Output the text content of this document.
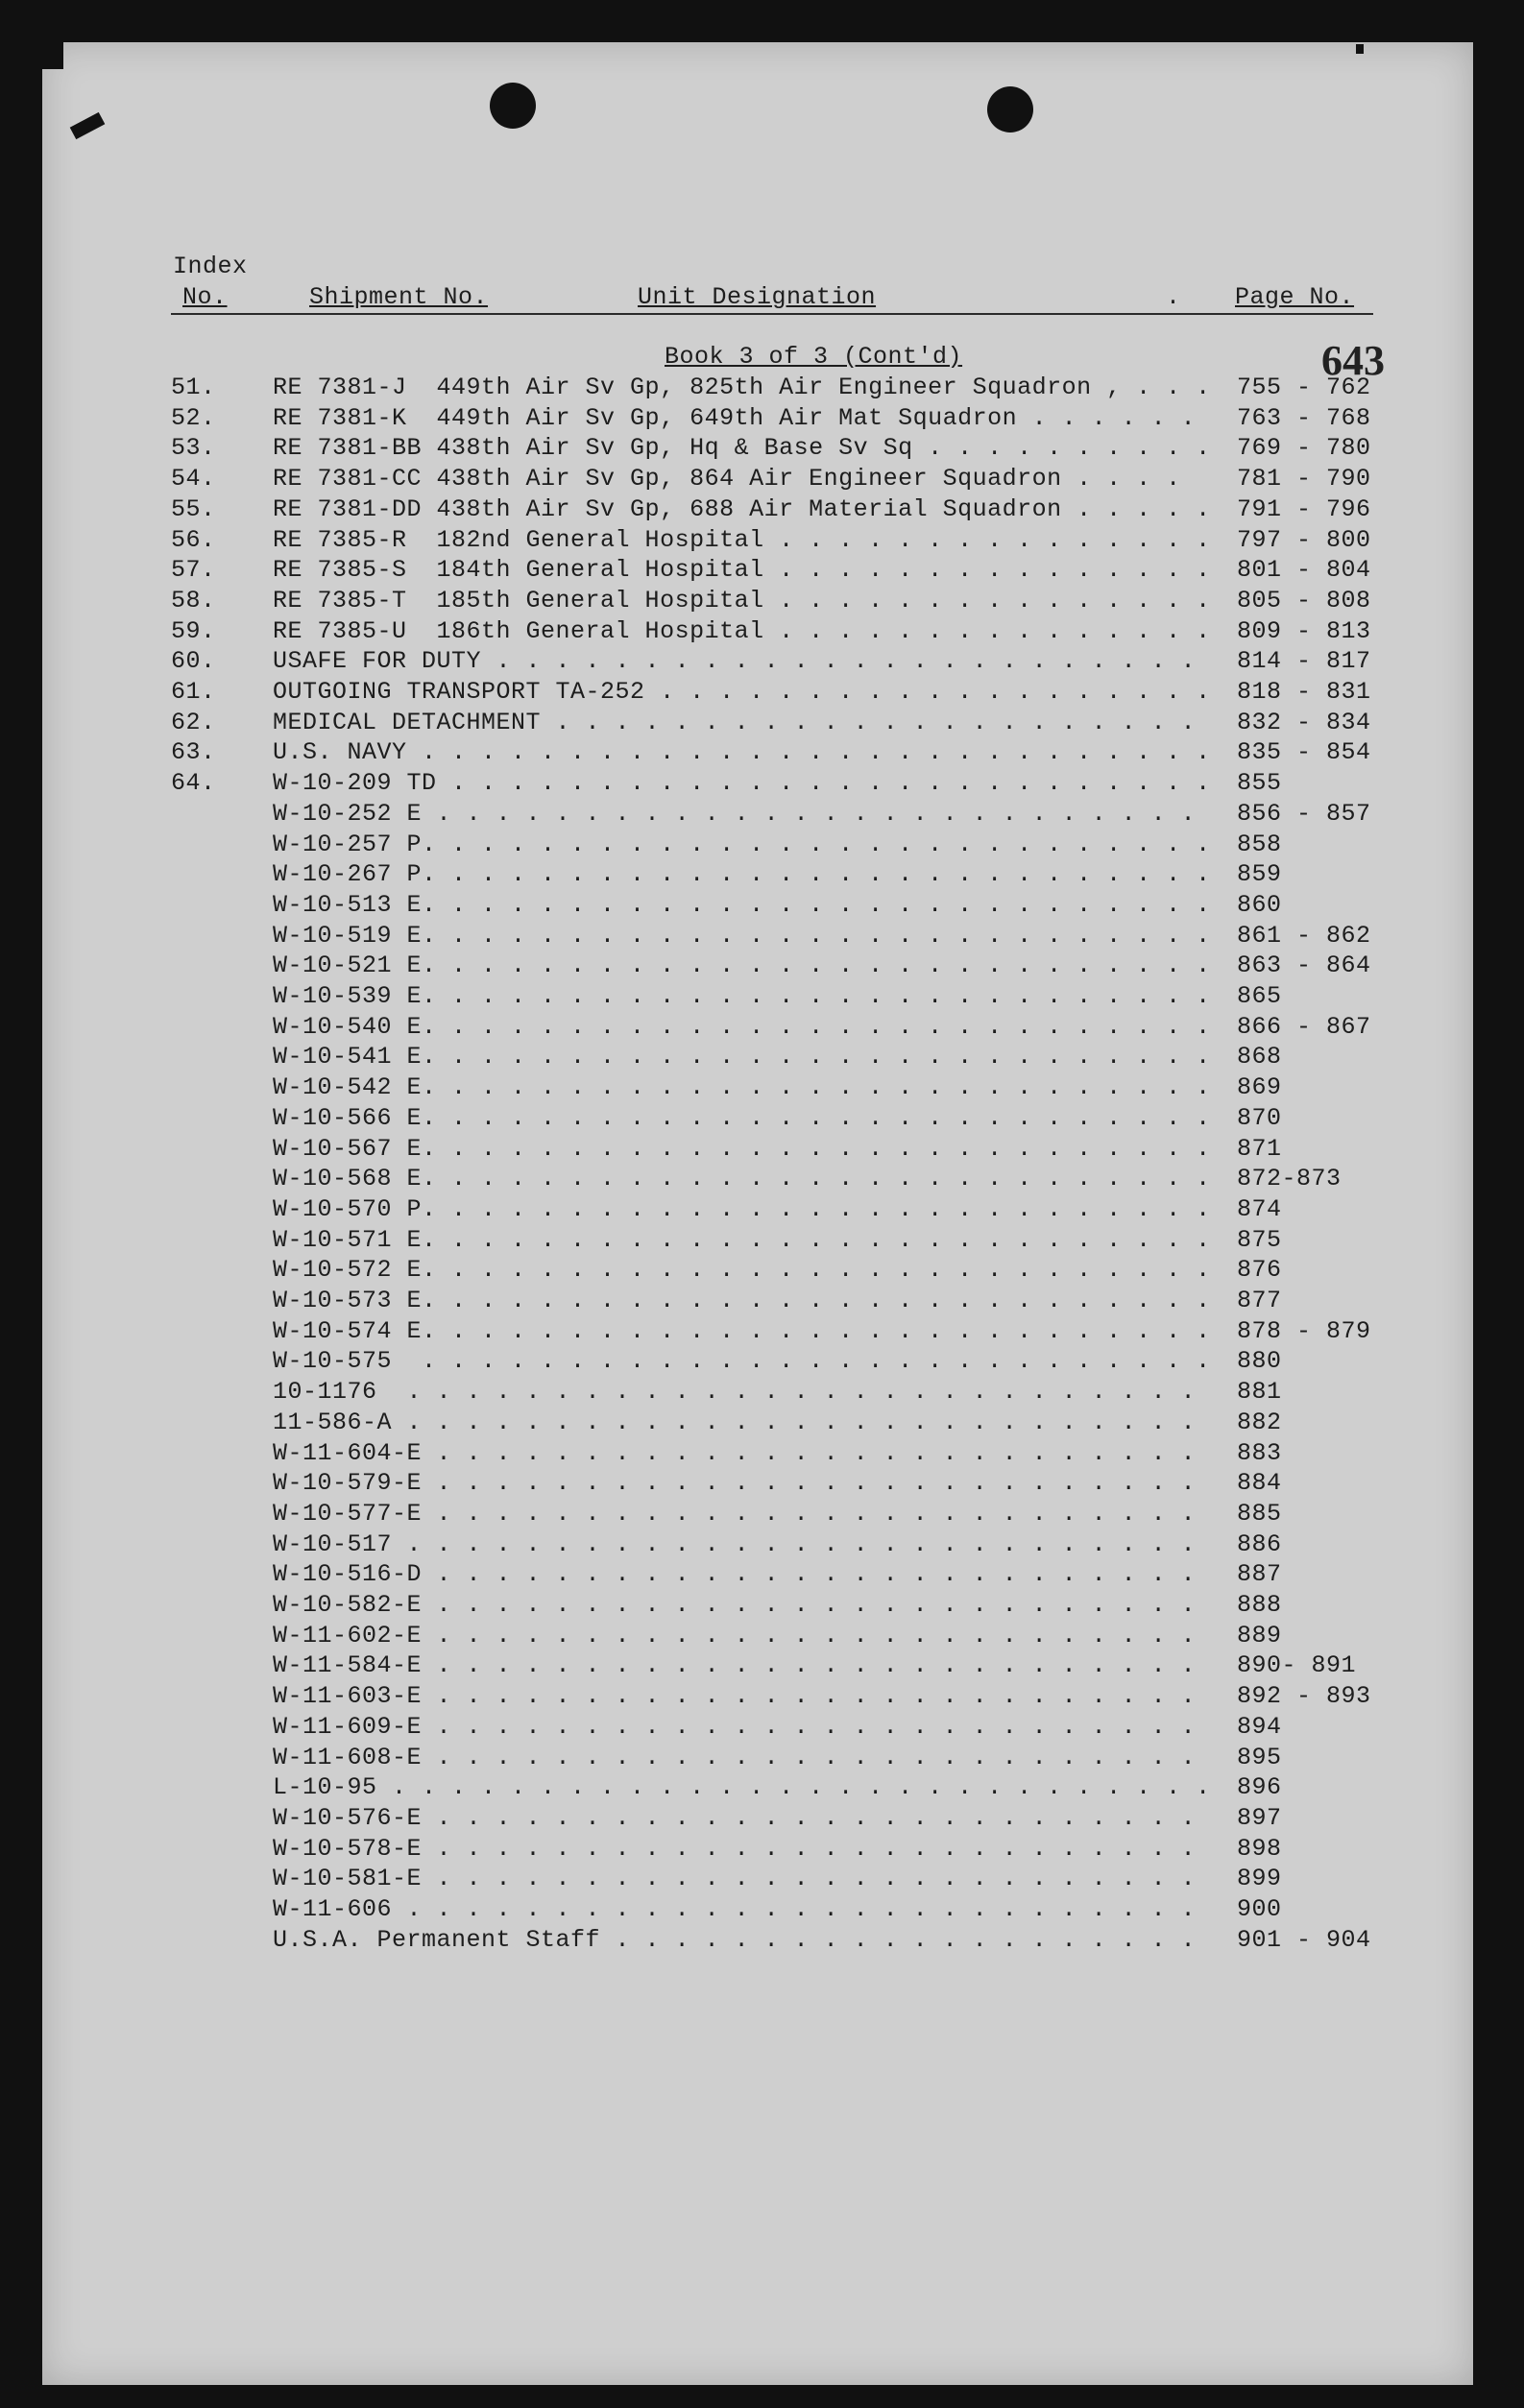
Index
No.	Shipment No.	Unit Designation	. Page No.
Book 3 of 3 (Cont'd)	643
51. RE 7381-J  449th Air Sv Gp, 825th Air Engineer Squadron , . . . 755 - 762
52. RE 7381-K  449th Air Sv Gp, 649th Air Mat Squadron . . . . . . 763 - 768
53. RE 7381-BB 438th Air Sv Gp, Hq & Base Sv Sq . . . . . . . . . . 769 - 780
54. RE 7381-CC 438th Air Sv Gp, 864 Air Engineer Squadron . . . . 781 - 790
55. RE 7381-DD 438th Air Sv Gp, 688 Air Material Squadron . . . . . 791 - 796
56. RE 7385-R  182nd General Hospital . . . . . . . . . . . . . . . 797 - 800
57. RE 7385-S  184th General Hospital . . . . . . . . . . . . . . . 801 - 804
58. RE 7385-T  185th General Hospital . . . . . . . . . . . . . . . 805 - 808
59. RE 7385-U  186th General Hospital . . . . . . . . . . . . . . . 809 - 813
60. USAFE FOR DUTY . . . . . . . . . . . . . . . . . . . . . . . . 814 - 817
61. OUTGOING TRANSPORT TA-252 . . . . . . . . . . . . . . . . . . . 818 - 831
62. MEDICAL DETACHMENT . . . . . . . . . . . . . . . . . . . . . . 832 - 834
63. U.S. NAVY . . . . . . . . . . . . . . . . . . . . . . . . . . . 835 - 854
64. W-10-209 TD . . . . . . . . . . . . . . . . . . . . . . . . . . 855
W-10-252 E . . . . . . . . . . . . . . . . . . . . . . . . . . 856 - 857
W-10-257 P. . . . . . . . . . . . . . . . . . . . . . . . . . . 858
W-10-267 P. . . . . . . . . . . . . . . . . . . . . . . . . . . 859
W-10-513 E. . . . . . . . . . . . . . . . . . . . . . . . . . . 860
W-10-519 E. . . . . . . . . . . . . . . . . . . . . . . . . . . 861 - 862
W-10-521 E. . . . . . . . . . . . . . . . . . . . . . . . . . . 863 - 864
W-10-539 E. . . . . . . . . . . . . . . . . . . . . . . . . . . 865
W-10-540 E. . . . . . . . . . . . . . . . . . . . . . . . . . . 866 - 867
W-10-541 E. . . . . . . . . . . . . . . . . . . . . . . . . . . 868
W-10-542 E. . . . . . . . . . . . . . . . . . . . . . . . . . . 869
W-10-566 E. . . . . . . . . . . . . . . . . . . . . . . . . . . 870
W-10-567 E. . . . . . . . . . . . . . . . . . . . . . . . . . . 871
W-10-568 E. . . . . . . . . . . . . . . . . . . . . . . . . . . 872-873
W-10-570 P. . . . . . . . . . . . . . . . . . . . . . . . . . . 874
W-10-571 E. . . . . . . . . . . . . . . . . . . . . . . . . . . 875
W-10-572 E. . . . . . . . . . . . . . . . . . . . . . . . . . . 876
W-10-573 E. . . . . . . . . . . . . . . . . . . . . . . . . . . 877
W-10-574 E. . . . . . . . . . . . . . . . . . . . . . . . . . . 878 - 879
W-10-575  . . . . . . . . . . . . . . . . . . . . . . . . . . . 880
10-1176  . . . . . . . . . . . . . . . . . . . . . . . . . . . 881
11-586-A . . . . . . . . . . . . . . . . . . . . . . . . . . . 882
W-11-604-E . . . . . . . . . . . . . . . . . . . . . . . . . . 883
W-10-579-E . . . . . . . . . . . . . . . . . . . . . . . . . . 884
W-10-577-E . . . . . . . . . . . . . . . . . . . . . . . . . . 885
W-10-517 . . . . . . . . . . . . . . . . . . . . . . . . . . . 886
W-10-516-D . . . . . . . . . . . . . . . . . . . . . . . . . . 887
W-10-582-E . . . . . . . . . . . . . . . . . . . . . . . . . . 888
W-11-602-E . . . . . . . . . . . . . . . . . . . . . . . . . . 889
W-11-584-E . . . . . . . . . . . . . . . . . . . . . . . . . . 890- 891
W-11-603-E . . . . . . . . . . . . . . . . . . . . . . . . . . 892 - 893
W-11-609-E . . . . . . . . . . . . . . . . . . . . . . . . . . 894
W-11-608-E . . . . . . . . . . . . . . . . . . . . . . . . . . 895
L-10-95 . . . . . . . . . . . . . . . . . . . . . . . . . . . . 896
W-10-576-E . . . . . . . . . . . . . . . . . . . . . . . . . . 897
W-10-578-E . . . . . . . . . . . . . . . . . . . . . . . . . . 898
W-10-581-E . . . . . . . . . . . . . . . . . . . . . . . . . . 899
W-11-606 . . . . . . . . . . . . . . . . . . . . . . . . . . . 900
U.S.A. Permanent Staff . . . . . . . . . . . . . . . . . . . . 901 - 904
